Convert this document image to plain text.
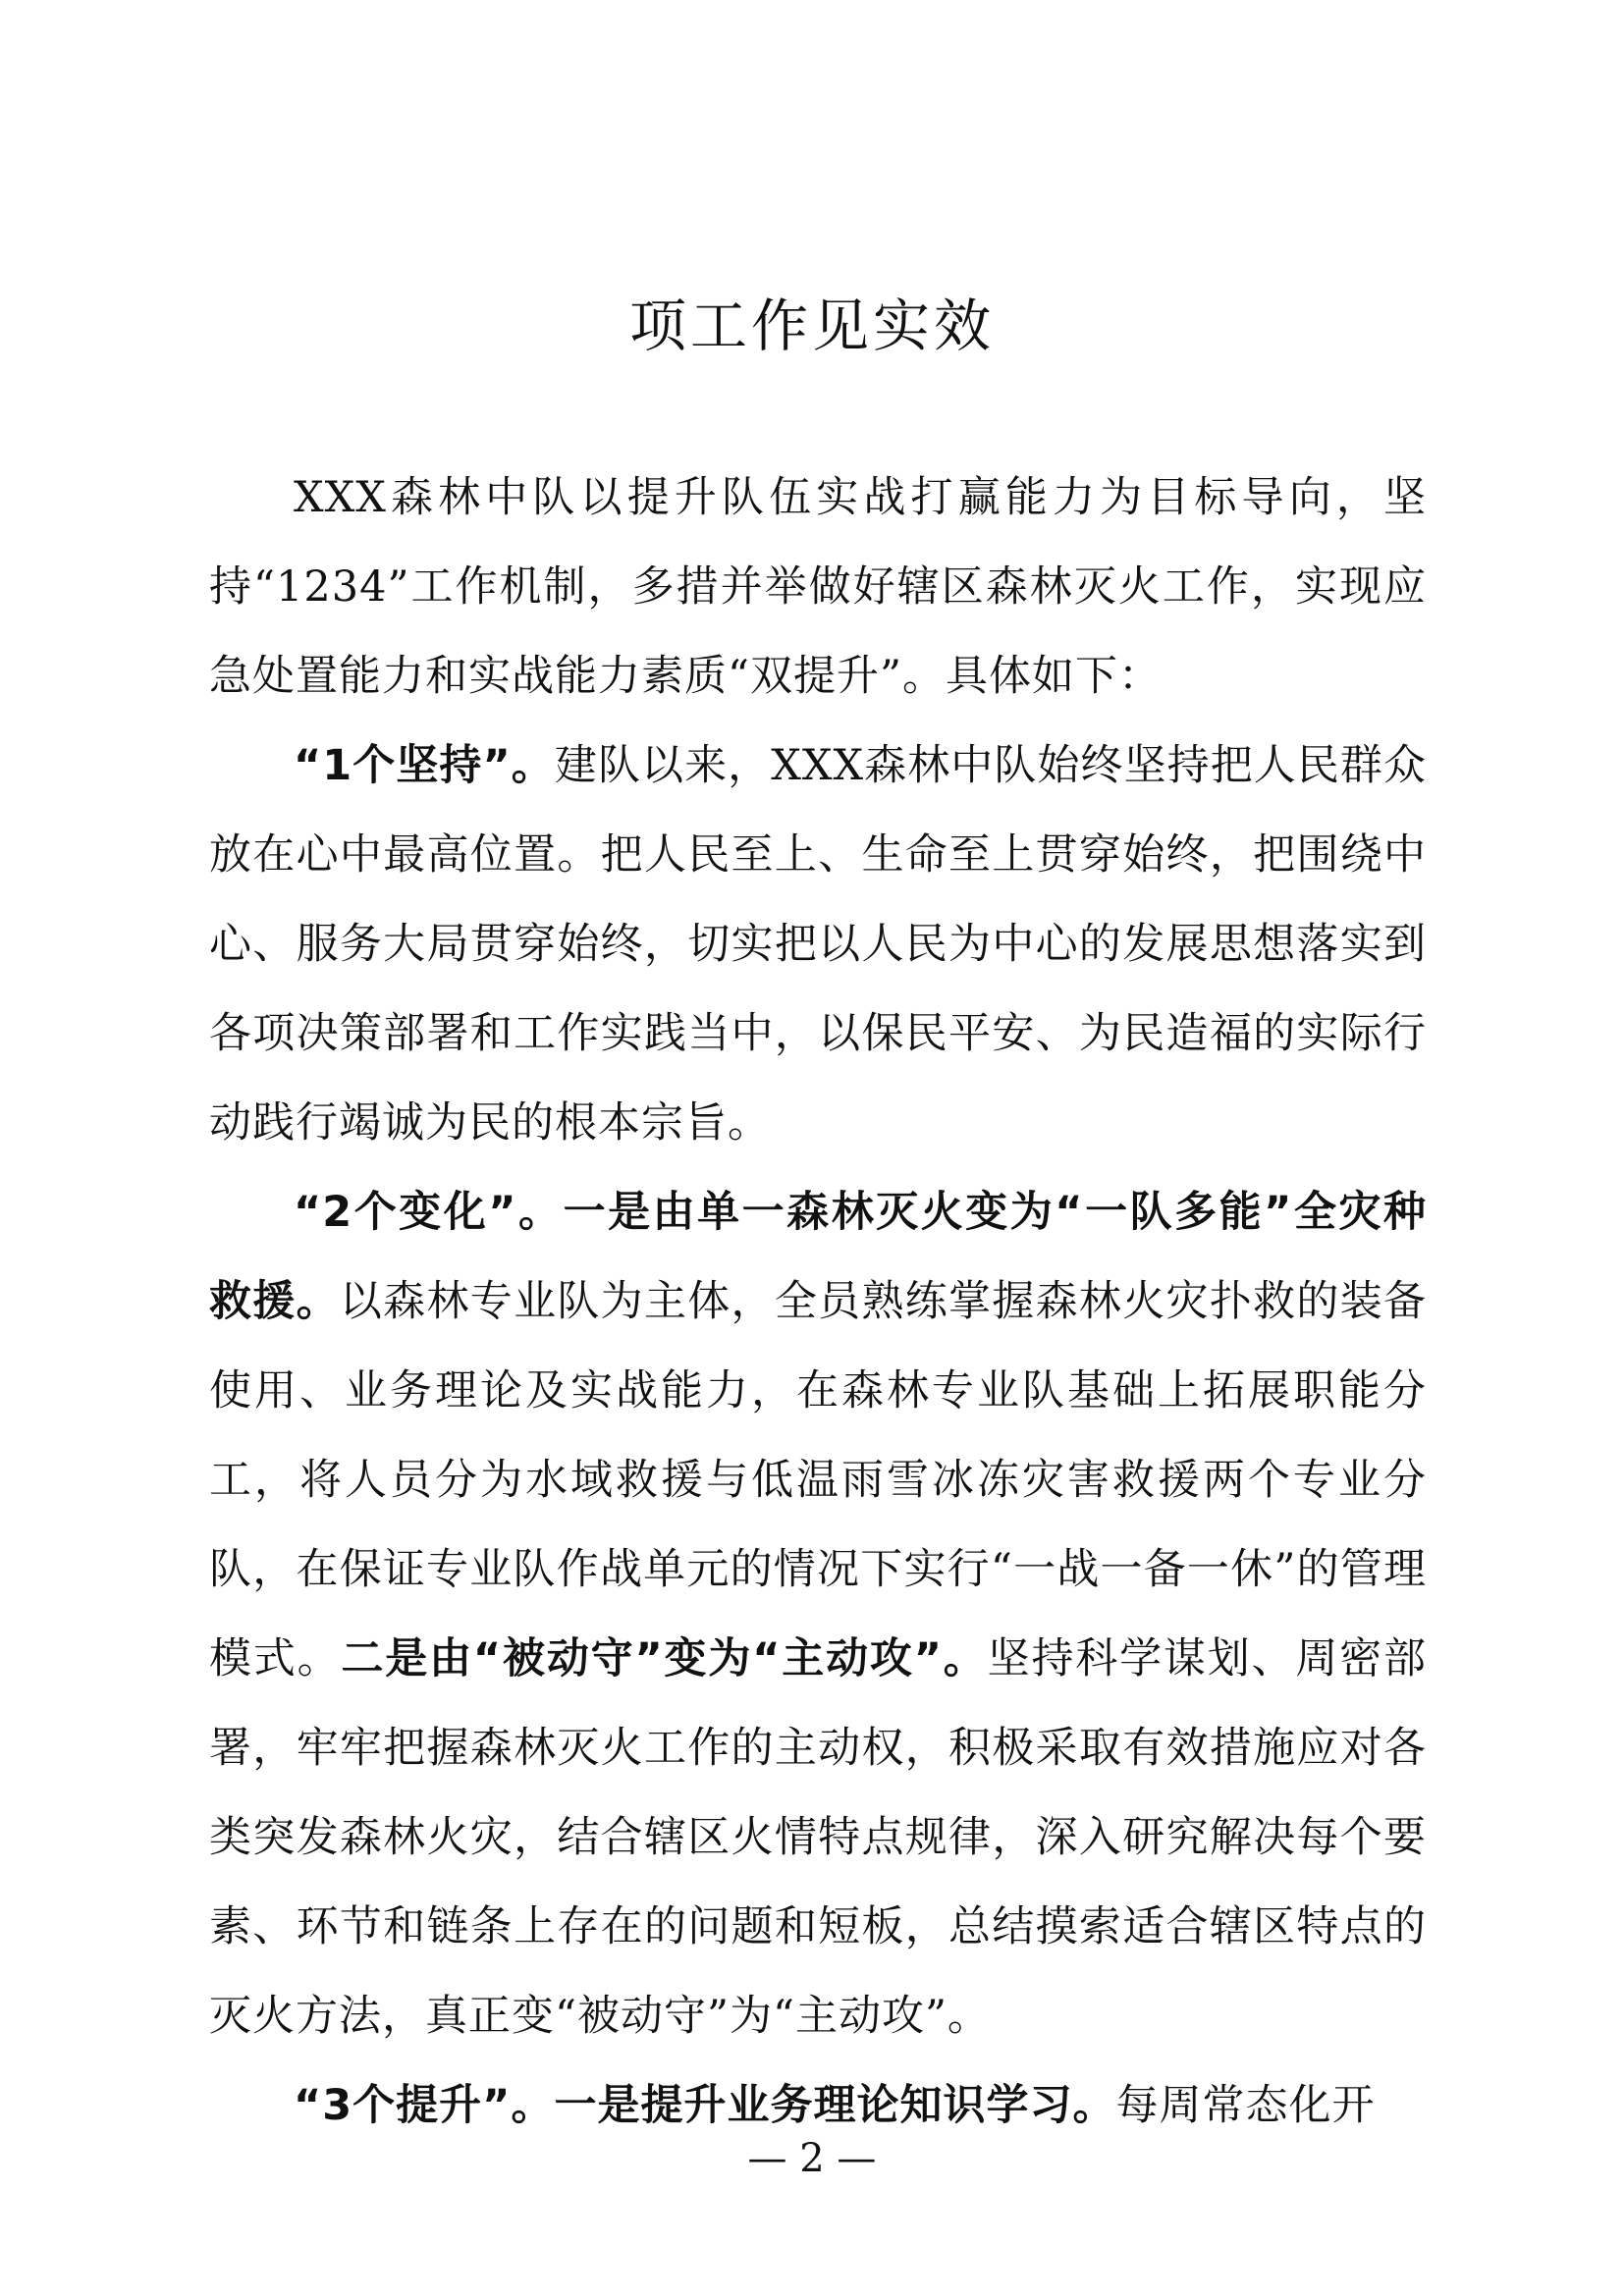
项工作见实效

XXX森林中队以提升队伍实战打赢能力为目标导向，坚持“1234”工作机制，多措并举做好辖区森林灭火工作，实现应急处置能力和实战能力素质“双提升”。具体如下：

“1个坚持”。建队以来，XXX森林中队始终坚持把人民群众放在心中最高位置。把人民至上、生命至上贯穿始终，把围绕中心、服务大局贯穿始终，切实把以人民为中心的发展思想落实到各项决策部署和工作实践当中，以保民平安、为民造福的实际行动践行竭诚为民的根本宗旨。

“2个变化”。一是由单一森林灭火变为“一队多能”全灾种救援。以森林专业队为主体，全员熟练掌握森林火灾扑救的装备使用、业务理论及实战能力，在森林专业队基础上拓展职能分工，将人员分为水域救援与低温雨雪冰冻灾害救援两个专业分队，在保证专业队作战单元的情况下实行“一战一备一休”的管理模式。二是由“被动守”变为“主动攻”。坚持科学谋划、周密部署，牢牢把握森林灭火工作的主动权，积极采取有效措施应对各类突发森林火灾，结合辖区火情特点规律，深入研究解决每个要素、环节和链条上存在的问题和短板，总结摸索适合辖区特点的灭火方法，真正变“被动守”为“主动攻”。

“3个提升”。一是提升业务理论知识学习。每周常态化开

— 2 —
